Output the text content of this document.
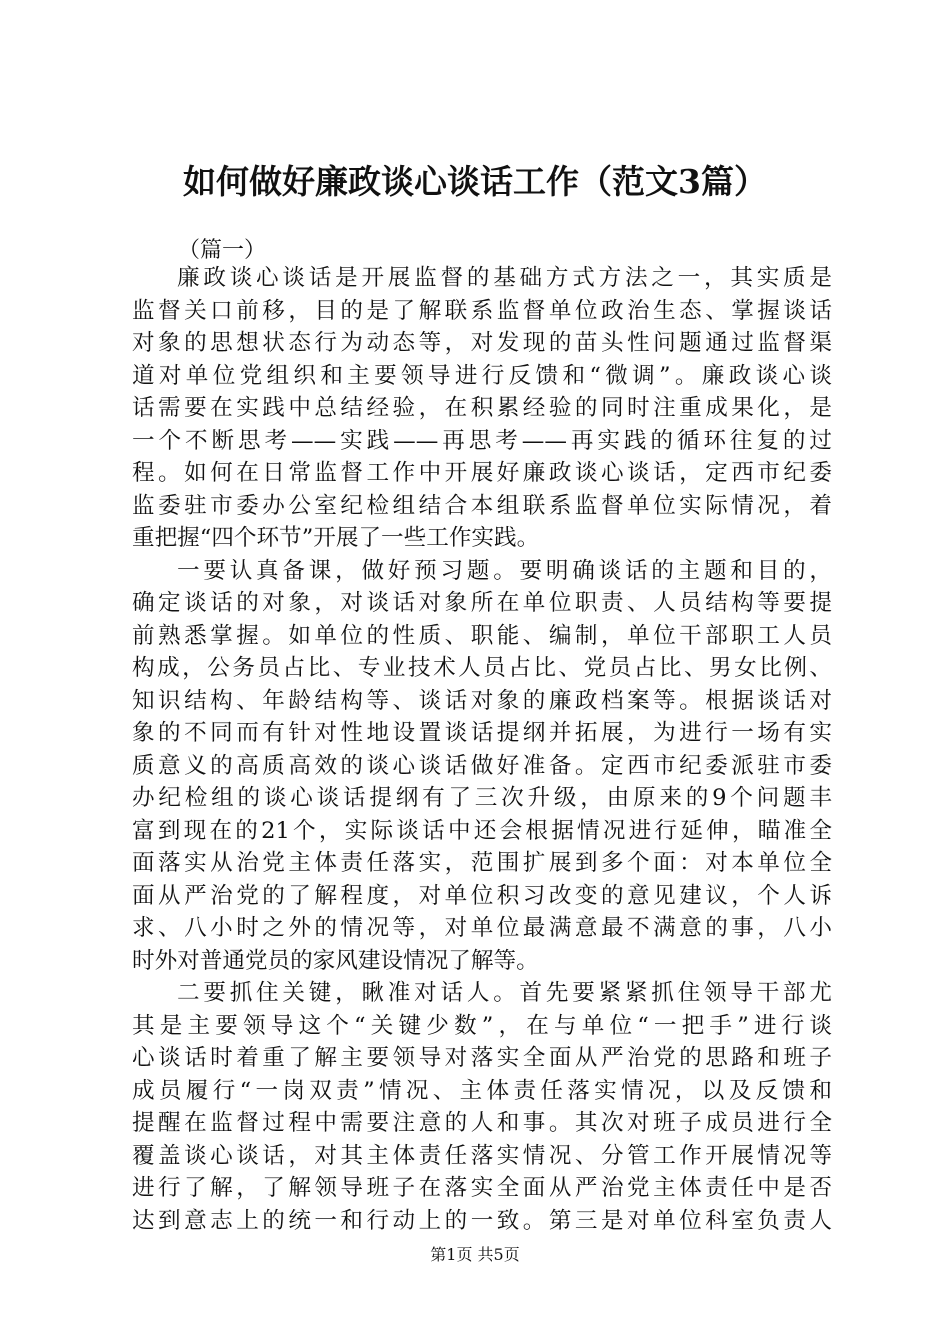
如何做好廉政谈心谈话工作（范文3篇）
（篇一）
廉政谈心谈话是开展监督的基础方式方法之一，其实质是
监督关口前移，目的是了解联系监督单位政治生态、掌握谈话
对象的思想状态行为动态等，对发现的苗头性问题通过监督渠
道对单位党组织和主要领导进行反馈和“微调”。廉政谈心谈
话需要在实践中总结经验，在积累经验的同时注重成果化，是
一个不断思考——实践——再思考——再实践的循环往复的过
程。如何在日常监督工作中开展好廉政谈心谈话，定西市纪委
监委驻市委办公室纪检组结合本组联系监督单位实际情况，着
重把握“四个环节”开展了一些工作实践。
一要认真备课，做好预习题。要明确谈话的主题和目的，
确定谈话的对象，对谈话对象所在单位职责、人员结构等要提
前熟悉掌握。如单位的性质、职能、编制，单位干部职工人员
构成，公务员占比、专业技术人员占比、党员占比、男女比例、
知识结构、年龄结构等、谈话对象的廉政档案等。根据谈话对
象的不同而有针对性地设置谈话提纲并拓展，为进行一场有实
质意义的高质高效的谈心谈话做好准备。定西市纪委派驻市委
办纪检组的谈心谈话提纲有了三次升级，由原来的9个问题丰
富到现在的21个，实际谈话中还会根据情况进行延伸，瞄准全
面落实从治党主体责任落实，范围扩展到多个面：对本单位全
面从严治党的了解程度，对单位积习改变的意见建议，个人诉
求、八小时之外的情况等，对单位最满意最不满意的事，八小
时外对普通党员的家风建设情况了解等。
二要抓住关键，瞅准对话人。首先要紧紧抓住领导干部尤
其是主要领导这个“关键少数”，在与单位“一把手”进行谈
心谈话时着重了解主要领导对落实全面从严治党的思路和班子
成员履行“一岗双责”情况、主体责任落实情况，以及反馈和
提醒在监督过程中需要注意的人和事。其次对班子成员进行全
覆盖谈心谈话，对其主体责任落实情况、分管工作开展情况等
进行了解，了解领导班子在落实全面从严治党主体责任中是否
达到意志上的统一和行动上的一致。第三是对单位科室负责人
第1页 共5页
